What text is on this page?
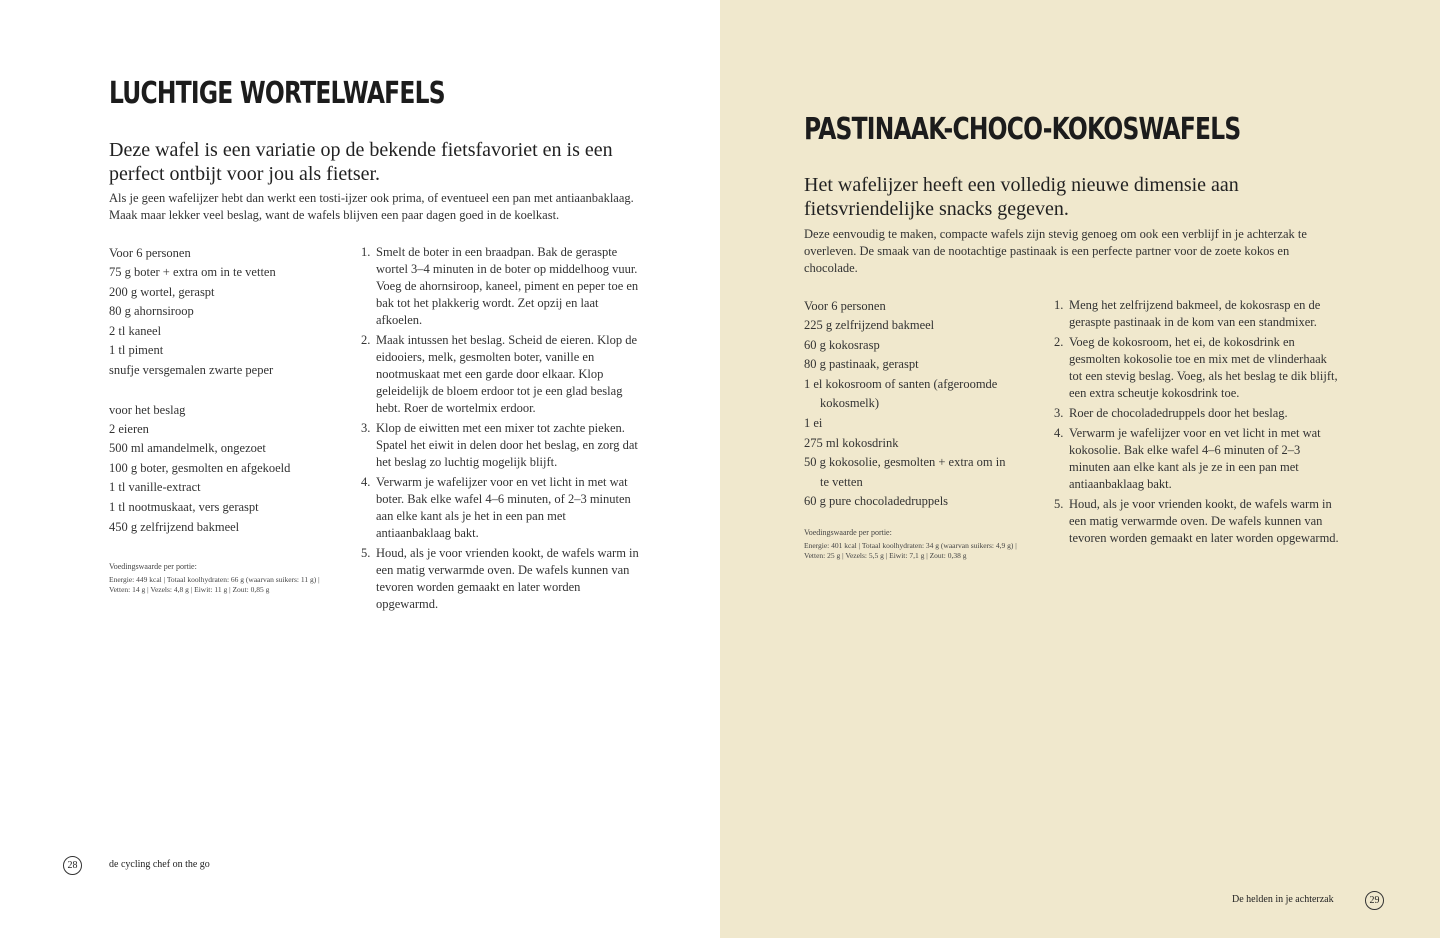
LUCHTIGE WORTELWAFELS

Deze wafel is een variatie op de bekende fietsfavoriet en is een perfect ontbijt voor jou als fietser.

Als je geen wafelijzer hebt dan werkt een tosti-ijzer ook prima, of eventueel een pan met antiaanbaklaag. Maak maar lekker veel beslag, want de wafels blijven een paar dagen goed in de koelkast.

Voor 6 personen
75 g boter + extra om in te vetten
200 g wortel, geraspt
80 g ahornsiroop
2 tl kaneel
1 tl piment
snufje versgemalen zwarte peper
voor het beslag
2 eieren
500 ml amandelmelk, ongezoet
100 g boter, gesmolten en afgekoeld
1 tl vanille-extract
1 tl nootmuskaat, vers geraspt
450 g zelfrijzend bakmeel
1. Smelt de boter in een braadpan. Bak de geraspte wortel 3–4 minuten in de boter op middelhoog vuur. Voeg de ahornsiroop, kaneel, piment en peper toe en bak tot het plakkerig wordt. Zet opzij en laat afkoelen.
2. Maak intussen het beslag. Scheid de eieren. Klop de eidooiers, melk, gesmolten boter, vanille en nootmuskaat met een garde door elkaar. Klop geleidelijk de bloem erdoor tot je een glad beslag hebt. Roer de wortelmix erdoor.
3. Klop de eiwitten met een mixer tot zachte pieken. Spatel het eiwit in delen door het beslag, en zorg dat het beslag zo luchtig mogelijk blijft.
4. Verwarm je wafelijzer voor en vet licht in met wat boter. Bak elke wafel 4–6 minuten, of 2–3 minuten aan elke kant als je het in een pan met antiaanbaklaag bakt.
5. Houd, als je voor vrienden kookt, de wafels warm in een matig verwarmde oven. De wafels kunnen van tevoren worden gemaakt en later worden opgewarmd.
Voedingswaarde per portie:
Energie: 449 kcal | Totaal koolhydraten: 66 g (waarvan suikers: 11 g) | Vetten: 14 g | Vezels: 4,8 g | Eiwit: 11 g | Zout: 0,85 g
28	de cycling chef on the go
PASTINAAK-CHOCO-KOKOSWAFELS

Het wafelijzer heeft een volledig nieuwe dimensie aan fietsvriendelijke snacks gegeven.

Deze eenvoudig te maken, compacte wafels zijn stevig genoeg om ook een verblijf in je achterzak te overleven. De smaak van de nootachtige pastinaak is een perfecte partner voor de zoete kokos en chocolade.

Voor 6 personen
225 g zelfrijzend bakmeel
60 g kokosrasp
80 g pastinaak, geraspt
1 el kokosroom of santen (afgeroomde
kokosmelk)
1 ei
275 ml kokosdrink
50 g kokosolie, gesmolten + extra om in
te vetten
60 g pure chocoladedruppels
1. Meng het zelfrijzend bakmeel, de kokosrasp en de geraspte pastinaak in de kom van een standmixer.
2. Voeg de kokosroom, het ei, de kokosdrink en gesmolten kokosolie toe en mix met de vlinderhaak tot een stevig beslag. Voeg, als het beslag te dik blijft, een extra scheutje kokosdrink toe.
3. Roer de chocoladedruppels door het beslag.
4. Verwarm je wafelijzer voor en vet licht in met wat kokosolie. Bak elke wafel 4–6 minuten of 2–3 minuten aan elke kant als je ze in een pan met antiaanbaklaag bakt.
5. Houd, als je voor vrienden kookt, de wafels warm in een matig verwarmde oven. De wafels kunnen van tevoren worden gemaakt en later worden opgewarmd.
Voedingswaarde per portie:
Energie: 401 kcal | Totaal koolhydraten: 34 g (waarvan suikers: 4,9 g) | Vetten: 25 g | Vezels: 5,5 g | Eiwit: 7,1 g | Zout: 0,38 g
De helden in je achterzak	29
